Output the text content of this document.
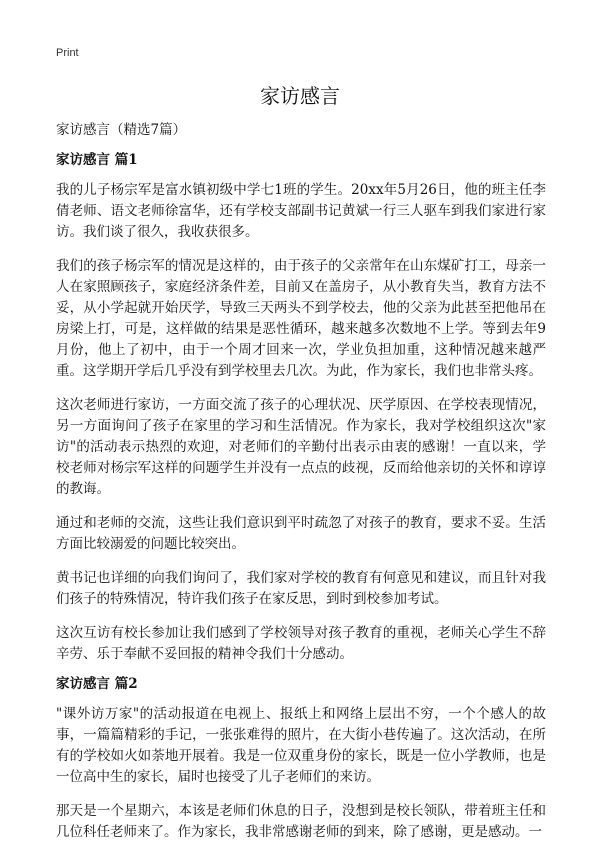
Print
家访感言
家访感言（精选7篇）
家访感言 篇1

我的儿子杨宗军是富水镇初级中学七1班的学生。20xx年5月26日，他的班主任李倩老师、语文老师徐富华，还有学校支部副书记黄斌一行三人驱车到我们家进行家访。我们谈了很久，我收获很多。

我们的孩子杨宗军的情况是这样的，由于孩子的父亲常年在山东煤矿打工，母亲一人在家照顾孩子，家庭经济条件差，目前又在盖房子，从小教育失当，教育方法不妥，从小学起就开始厌学，导致三天两头不到学校去，他的父亲为此甚至把他吊在房梁上打，可是，这样做的结果是恶性循环，越来越多次数地不上学。等到去年9月份，他上了初中，由于一个周才回来一次，学业负担加重，这种情况越来越严重。这学期开学后几乎没有到学校里去几次。为此，作为家长，我们也非常头疼。

这次老师进行家访，一方面交流了孩子的心理状况、厌学原因、在学校表现情况，另一方面询问了孩子在家里的学习和生活情况。作为家长，我对学校组织这次"家访"的活动表示热烈的欢迎，对老师们的辛勤付出表示由衷的感谢！一直以来，学校老师对杨宗军这样的问题学生并没有一点点的歧视，反而给他亲切的关怀和谆谆的教诲。

通过和老师的交流，这些让我们意识到平时疏忽了对孩子的教育，要求不妥。生活方面比较溺爱的问题比较突出。

黄书记也详细的向我们询问了，我们家对学校的教育有何意见和建议，而且针对我们孩子的特殊情况，特许我们孩子在家反思，到时到校参加考试。

这次互访有校长参加让我们感到了学校领导对孩子教育的重视，老师关心学生不辞辛劳、乐于奉献不妥回报的精神令我们十分感动。

家访感言 篇2

"课外访万家"的活动报道在电视上、报纸上和网络上层出不穷，一个个感人的故事，一篇篇精彩的手记，一张张难得的照片，在大街小巷传遍了。这次活动，在所有的学校如火如荼地开展着。我是一位双重身份的家长，既是一位小学教师，也是一位高中生的家长，届时也接受了儿子老师们的来访。

那天是一个星期六，本该是老师们休息的日子，没想到是校长领队，带着班主任和几位科任老师来了。作为家长，我非常感谢老师的到来，除了感谢，更是感动。一
